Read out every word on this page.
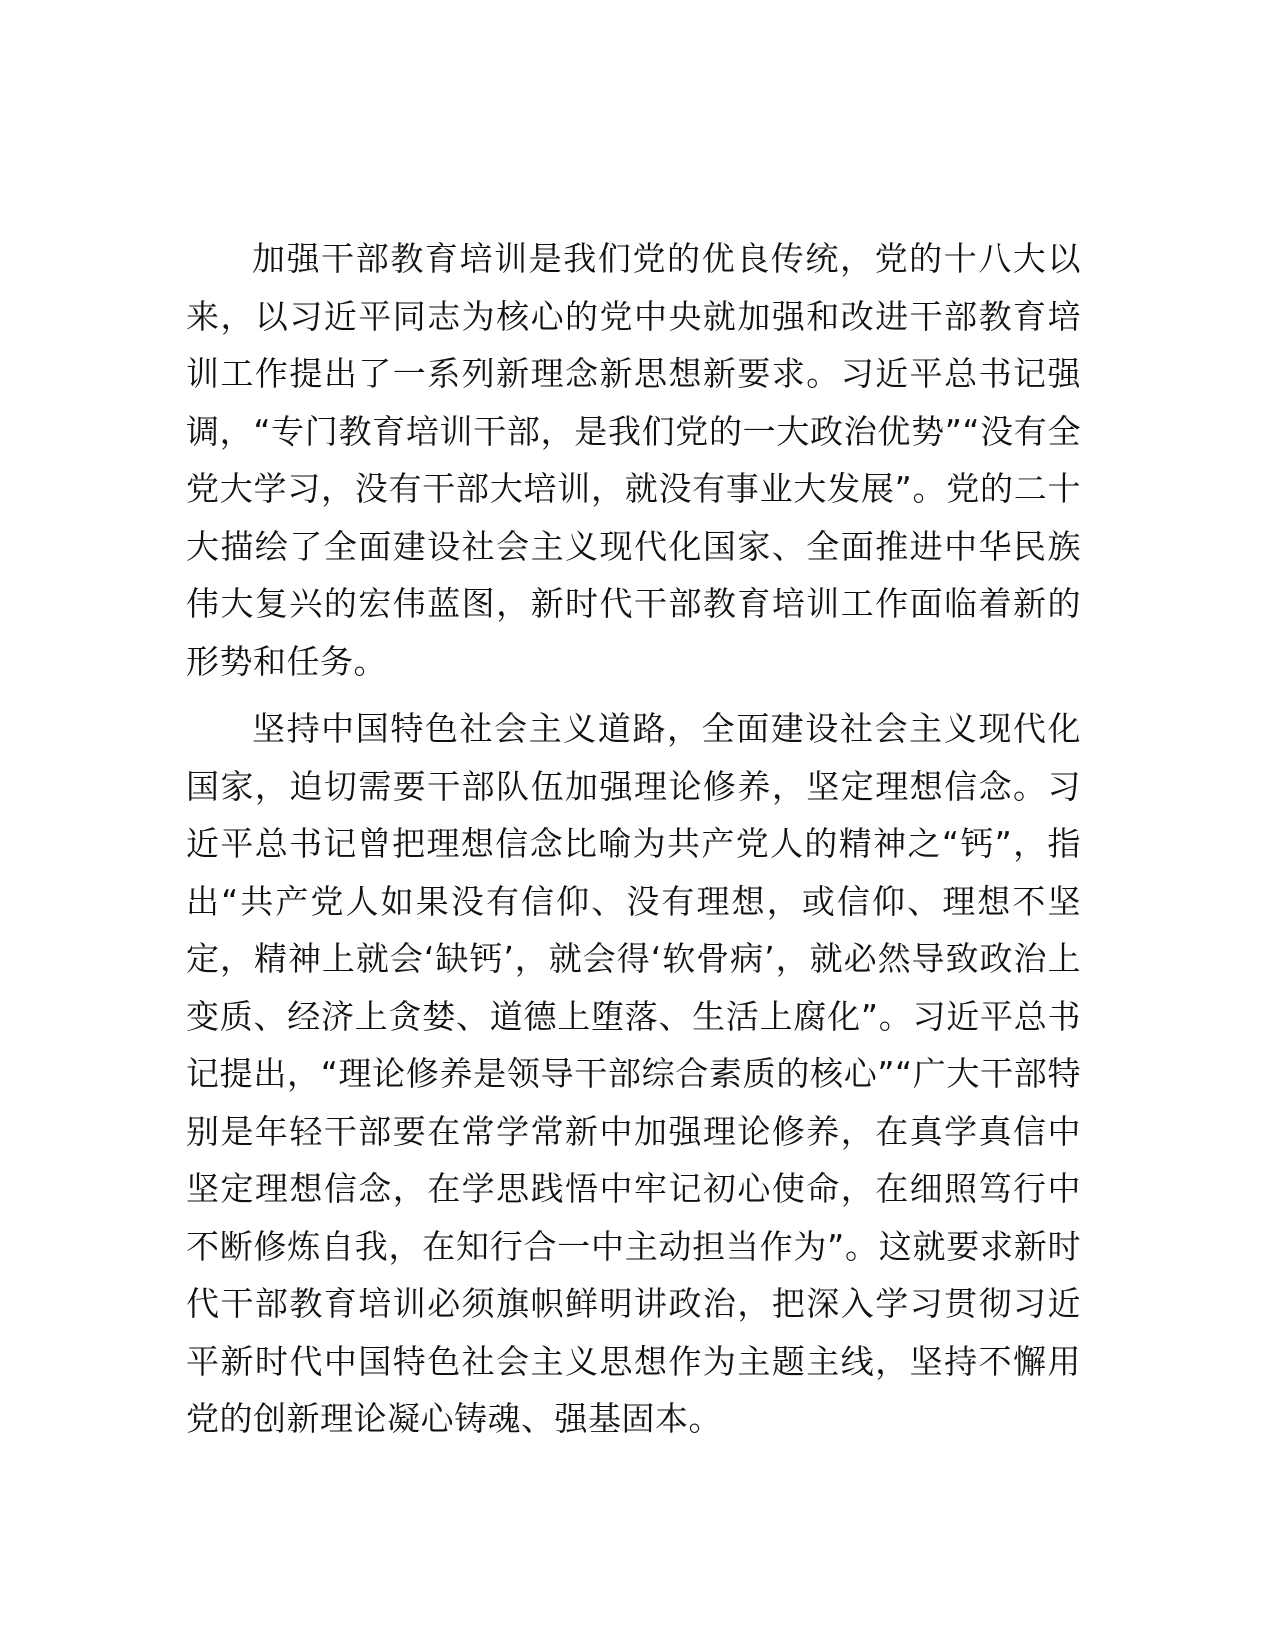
加强干部教育培训是我们党的优良传统，党的十八大以来，以习近平同志为核心的党中央就加强和改进干部教育培训工作提出了一系列新理念新思想新要求。习近平总书记强调，“专门教育培训干部，是我们党的一大政治优势”“没有全党大学习，没有干部大培训，就没有事业大发展”。党的二十大描绘了全面建设社会主义现代化国家、全面推进中华民族伟大复兴的宏伟蓝图，新时代干部教育培训工作面临着新的形势和任务。

坚持中国特色社会主义道路，全面建设社会主义现代化国家，迫切需要干部队伍加强理论修养，坚定理想信念。习近平总书记曾把理想信念比喻为共产党人的精神之“钙”，指出“共产党人如果没有信仰、没有理想，或信仰、理想不坚定，精神上就会‘缺钙’，就会得‘软骨病’，就必然导致政治上变质、经济上贪婪、道德上堕落、生活上腐化”。习近平总书记提出，“理论修养是领导干部综合素质的核心”“广大干部特别是年轻干部要在常学常新中加强理论修养，在真学真信中坚定理想信念，在学思践悟中牢记初心使命，在细照笃行中不断修炼自我，在知行合一中主动担当作为”。这就要求新时代干部教育培训必须旗帜鲜明讲政治，把深入学习贯彻习近平新时代中国特色社会主义思想作为主题主线，坚持不懈用党的创新理论凝心铸魂、强基固本。
